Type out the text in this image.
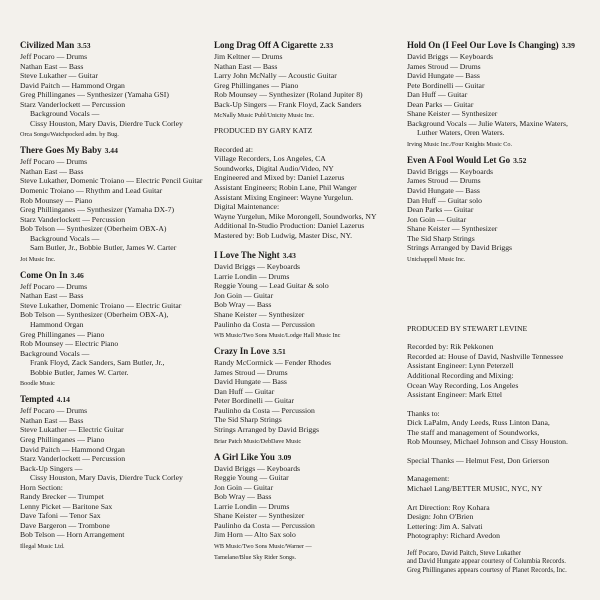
Civilized Man 3.53
Jeff Pocaro — Drums
Nathan East — Bass
Steve Lukather — Guitar
David Paitch — Hammond Organ
Greg Phillinganes — Synthesizer (Yamaha GSI)
Starz Vanderlockett — Percussion
Background Vocals —
Cissy Houston, Mary Davis, Dierdre Tuck Corley
Orca Songs/Watchpocked adm. by Bug.
There Goes My Baby 3.44
Jeff Pocaro — Drums
Nathan East — Bass
Steve Lukather, Domenic Troiano — Electric Pencil Guitar
Domenic Troiano — Rhythm and Lead Guitar
Rob Mounsey — Piano
Greg Phillinganes — Synthesizer (Yamaha DX-7)
Starz Vanderlockett — Percussion
Bob Telson — Synthesizer (Oberheim OBX-A)
Background Vocals —
Sam Butler, Jr., Bobbie Butler, James W. Carter
Jot Music Inc.
Come On In 3.46
Jeff Pocaro — Drums
Nathan East — Bass
Steve Lukather, Domenic Troiano — Electric Guitar
Bob Telson — Synthesizer (Oberheim OBX-A),
Hammond Organ
Greg Phillinganes — Piano
Rob Mounsey — Electric Piano
Background Vocals —
Frank Floyd, Zack Sanders, Sam Butler, Jr.,
Bobbie Butler, James W. Carter.
Boodle Music
Tempted 4.14
Jeff Pocaro — Drums
Nathan East — Bass
Steve Lukather — Electric Guitar
Greg Phillinganes — Piano
David Paitch — Hammond Organ
Starz Vanderlockett — Percussion
Back-Up Singers —
Cissy Houston, Mary Davis, Dierdre Tuck Corley
Horn Section:
Randy Brecker — Trumpet
Lenny Picket — Baritone Sax
Dave Tafoni — Tenor Sax
Dave Bargeron — Trombone
Bob Telson — Horn Arrangement
Illegal Music Ltd.
Long Drag Off A Cigarette 2.33
Jim Keltner — Drums
Nathan East — Bass
Larry John McNally — Acoustic Guitar
Greg Phillinganes — Piano
Rob Mounsey — Synthesizer (Roland Jupiter 8)
Back-Up Singers — Frank Floyd, Zack Sanders
McNally Music Publ/Unicity Music Inc.
PRODUCED BY GARY KATZ
Recorded at:
Village Recorders, Los Angeles, CA
Soundworks, Digital Audio/Video, NY
Engineered and Mixed by: Daniel Lazerus
Assistant Engineers; Robin Lane, Phil Wanger
Assistant Mixing Engineer: Wayne Yurgelun.
Digital Maintenance:
Wayne Yurgelun, Mike Morongell, Soundworks, NY
Additional In-Studio Production: Daniel Lazerus
Mastered by: Bob Ludwig, Master Disc, NY.
I Love The Night 3.43
David Briggs — Keyboards
Larrie Londin — Drums
Reggie Young — Lead Guitar & solo
Jon Goin — Guitar
Bob Wray — Bass
Shane Keister — Synthesizer
Paulinho da Costa — Percussion
WB Music/Two Sons Music/Lodge Hall Music Inc
Crazy In Love 3.51
Randy McCormick — Fender Rhodes
James Stroud — Drums
David Hungate — Bass
Dan Huff — Guitar
Peter Bordinelli — Guitar
Paulinho da Costa — Percussion
The Sid Sharp Strings
Strings Arranged by David Briggs
Briar Patch Music/DebDave Music
A Girl Like You 3.09
David Briggs — Keyboards
Reggie Young — Guitar
Jon Goin — Guitar
Bob Wray — Bass
Larrie Londin — Drums
Shane Keister — Synthesizer
Paulinho da Costa — Percussion
Jim Horn — Alto Sax solo
WB Music/Two Sons Music/Warner —
Tamelane/Blue Sky Rider Songs.
Hold On (I Feel Our Love Is Changing) 3.39
David Briggs — Keyboards
James Stroud — Drums
David Hungate — Bass
Pete Bordinelli — Guitar
Dan Huff — Guitar
Dean Parks — Guitar
Shane Keister — Synthesizer
Background Vocals — Julie Waters, Maxine Waters,
Luther Waters, Oren Waters.
Irving Music Inc./Four Knights Music Co.
Even A Fool Would Let Go 3.52
David Briggs — Keyboards
James Stroud — Drums
David Hungate — Bass
Dan Huff — Guitar solo
Dean Parks — Guitar
Jon Goin — Guitar
Shane Keister — Synthesizer
The Sid Sharp Strings
Strings Arranged by David Briggs
Unichappell Music Inc.
PRODUCED BY STEWART LEVINE
Recorded by: Rik Pekkonen
Recorded at: House of David, Nashville Tennessee
Assistant Engineer: Lynn Peterzell
Additional Recording and Mixing:
Ocean Way Recording, Los Angeles
Assistant Engineer: Mark Ettel
Thanks to:
Dick LaPalm, Andy Leeds, Russ Linton Dana,
The staff and management of Soundworks,
Rob Mounsey, Michael Johnson and Cissy Houston.
Special Thanks — Helmut Fest, Don Grierson
Management:
Michael Lang/BETTER MUSIC, NYC, NY
Art Direction: Roy Kohara
Design: John O'Brien
Lettering: Jim A. Salvati
Photography: Richard Avedon
Jeff Pocaro, David Paitch, Steve Lukather
and David Hungate appear courtesy of Columbia Records.
Greg Phillinganes appears courtesy of Planet Records, Inc.
